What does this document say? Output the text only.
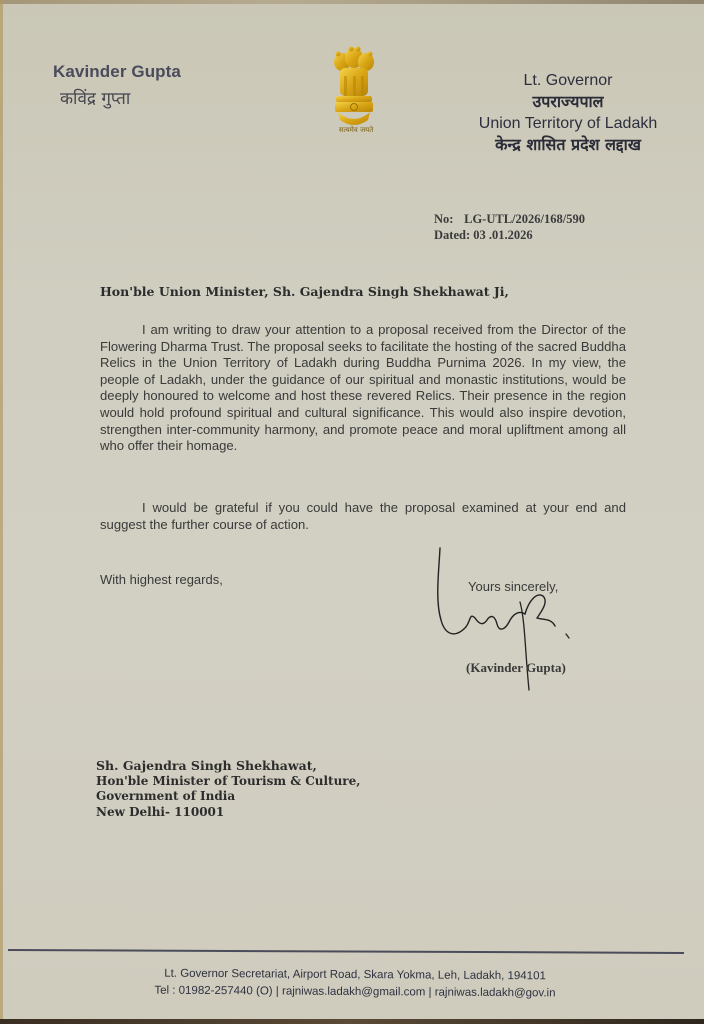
Kavinder Gupta
कविंद्र गुप्ता
सत्यमेव जयते
Lt. Governor
उपराज्यपाल
Union Territory of Ladakh
केन्द्र शासित प्रदेश लद्दाख
No: LG-UTL/2026/168/590
Dated: 03 .01.2026
Hon'ble Union Minister, Sh. Gajendra Singh Shekhawat Ji,

I am writing to draw your attention to a proposal received from the Director of the Flowering Dharma Trust. The proposal seeks to facilitate the hosting of the sacred Buddha Relics in the Union Territory of Ladakh during Buddha Purnima 2026. In my view, the people of Ladakh, under the guidance of our spiritual and monastic institutions, would be deeply honoured to welcome and host these revered Relics. Their presence in the region would hold profound spiritual and cultural significance. This would also inspire devotion, strengthen inter-community harmony, and promote peace and moral upliftment among all who offer their homage.

I would be grateful if you could have the proposal examined at your end and suggest the further course of action.

With highest regards,	Yours sincerely,
(Kavinder Gupta)
Sh. Gajendra Singh Shekhawat,
Hon'ble Minister of Tourism & Culture,
Government of India
New Delhi- 110001
Lt. Governor Secretariat, Airport Road, Skara Yokma, Leh, Ladakh, 194101
Tel : 01982-257440 (O) | rajniwas.ladakh@gmail.com | rajniwas.ladakh@gov.in
